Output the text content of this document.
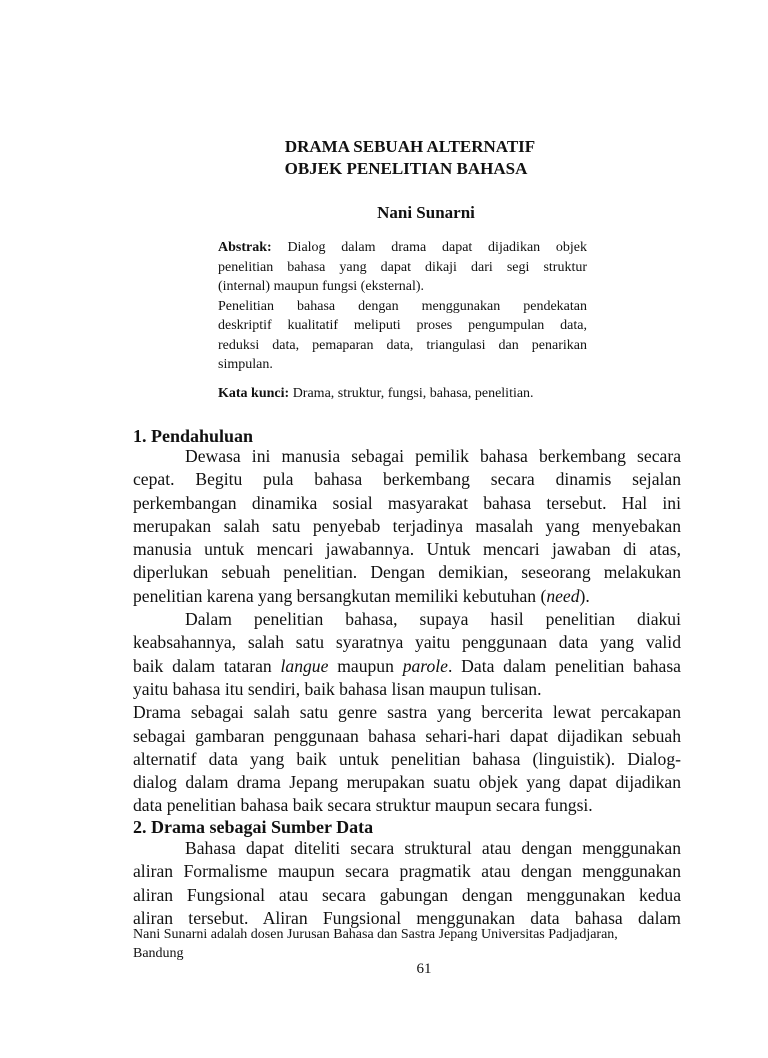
DRAMA SEBUAH ALTERNATIF
OBJEK PENELITIAN BAHASA
Nani Sunarni
Abstrak: Dialog dalam drama dapat dijadikan objek
penelitian bahasa yang dapat dikaji dari segi struktur
(internal) maupun fungsi (eksternal).
Penelitian bahasa dengan menggunakan pendekatan
deskriptif kualitatif meliputi proses pengumpulan data,
reduksi data, pemaparan data, triangulasi dan penarikan
simpulan.
Kata kunci: Drama, struktur, fungsi, bahasa, penelitian.
1. Pendahuluan
Dewasa ini manusia sebagai pemilik bahasa berkembang secara
cepat. Begitu pula bahasa berkembang secara dinamis sejalan
perkembangan dinamika sosial masyarakat bahasa tersebut. Hal ini
merupakan salah satu penyebab terjadinya masalah yang menyebakan
manusia untuk mencari jawabannya. Untuk mencari jawaban di atas,
diperlukan sebuah penelitian. Dengan demikian, seseorang melakukan
penelitian karena yang bersangkutan memiliki kebutuhan (need).
Dalam penelitian bahasa, supaya hasil penelitian diakui
keabsahannya, salah satu syaratnya yaitu penggunaan data yang valid
baik dalam tataran langue maupun parole. Data dalam penelitian bahasa
yaitu bahasa itu sendiri, baik bahasa lisan maupun tulisan.
Drama sebagai salah satu genre sastra yang bercerita lewat percakapan
sebagai gambaran penggunaan bahasa sehari-hari dapat dijadikan sebuah
alternatif data yang baik untuk penelitian bahasa (linguistik). Dialog-
dialog dalam drama Jepang merupakan suatu objek yang dapat dijadikan
data penelitian bahasa baik secara struktur maupun secara fungsi.
2. Drama sebagai Sumber Data
Bahasa dapat diteliti secara struktural atau dengan menggunakan
aliran Formalisme maupun secara pragmatik atau dengan menggunakan
aliran Fungsional atau secara gabungan dengan menggunakan kedua
aliran tersebut. Aliran Fungsional menggunakan data bahasa dalam
Nani Sunarni adalah dosen Jurusan Bahasa dan Sastra Jepang Universitas Padjadjaran,
Bandung
61
